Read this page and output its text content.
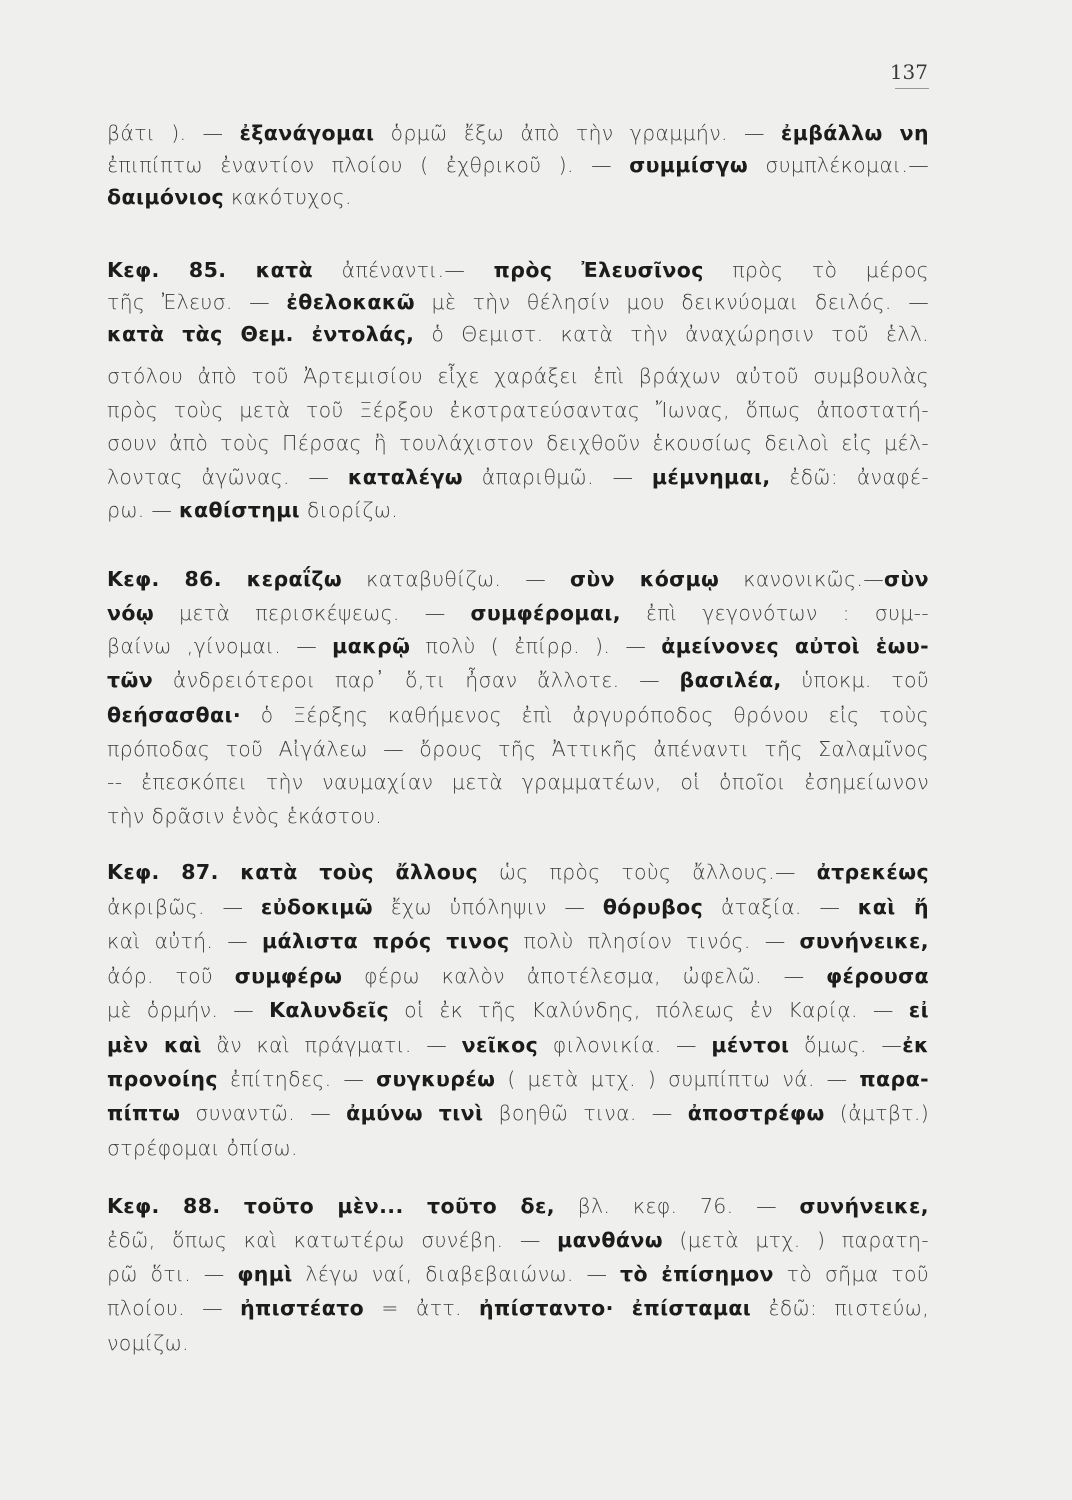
137
βάτι ). — ἐξανάγομαι ὁρμῶ ἔξω ἀπὸ τὴν γραμμήν. — ἐμβάλλω νη
ἐπιπίπτω ἐναντίον πλοίου ( ἐχθρικοῦ ). — συμμίσγω συμπλέκομαι.—
δαιμόνιος κακότυχος.
Κεφ. 85. κατὰ ἀπέναντι.— πρὸς Ἐλευσῖνος πρὸς τὸ μέρος
τῆς Ἐλευσ. — ἐθελοκακῶ μὲ τὴν θέλησίν μου δεικνύομαι δειλός. —
κατὰ τὰς Θεμ. ἐντολάς, ὁ Θεμιστ. κατὰ τὴν ἀναχώρησιν τοῦ ἑλλ.
στόλου ἀπὸ τοῦ Ἀρτεμισίου εἶχε χαράξει ἐπὶ βράχων αὐτοῦ συμβουλὰς
πρὸς τοὺς μετὰ τοῦ Ξέρξου ἐκστρατεύσαντας Ἴωνας, ὅπως ἀποστατή-
σουν ἀπὸ τοὺς Πέρσας ἢ τουλάχιστον δειχθοῦν ἑκουσίως δειλοὶ εἰς μέλ-
λοντας ἀγῶνας. — καταλέγω ἀπαριθμῶ. — μέμνημαι, ἐδῶ: ἀναφέ-
ρω. — καθίστημι διορίζω.
Κεφ. 86. κεραΐζω καταβυθίζω. — σὺν κόσμῳ κανονικῶς.—σὺν
νόῳ μετὰ περισκέψεως. — συμφέρομαι, ἐπὶ γεγονότων : συμ--
βαίνω ,γίνομαι. — μακρῷ πολὺ ( ἐπίρρ. ). — ἀμείνονες αὐτοὶ ἑωυ-
τῶν ἀνδρειότεροι παρ᾽ ὅ,τι ἦσαν ἄλλοτε. — βασιλέα, ὑποκμ. τοῦ
θεήσασθαι· ὁ Ξέρξης καθήμενος ἐπὶ ἀργυρόποδος θρόνου εἰς τοὺς
πρόποδας τοῦ Αἰγάλεω — ὄρους τῆς Ἀττικῆς ἀπέναντι τῆς Σαλαμῖνος
-- ἐπεσκόπει τὴν ναυμαχίαν μετὰ γραμματέων, οἱ ὁποῖοι ἐσημείωνον
τὴν δρᾶσιν ἑνὸς ἑκάστου.
Κεφ. 87. κατὰ τοὺς ἄλλους ὡς πρὸς τοὺς ἄλλους.— ἀτρεκέως
ἀκριβῶς. — εὐδοκιμῶ ἔχω ὑπόληψιν — θόρυβος ἀταξία. — καὶ ἤ
καὶ αὐτή. — μάλιστα πρός τινος πολὺ πλησίον τινός. — συνήνεικε,
ἀόρ. τοῦ συμφέρω φέρω καλὸν ἀποτέλεσμα, ὠφελῶ. — φέρουσα
μὲ ὁρμήν. — Καλυνδεῖς οἱ ἐκ τῆς Καλύνδης, πόλεως ἐν Καρίᾳ. — εἰ
μὲν καὶ ἂν καὶ πράγματι. — νεῖκος φιλονικία. — μέντοι ὅμως. —ἐκ
προνοίης ἐπίτηδες. — συγκυρέω ( μετὰ μτχ. ) συμπίπτω νά. — παρα-
πίπτω συναντῶ. — ἀμύνω τινὶ βοηθῶ τινα. — ἀποστρέφω (ἀμτβτ.)
στρέφομαι ὀπίσω.
Κεφ. 88. τοῦτο μὲν... τοῦτο δε, βλ. κεφ. 76. — συνήνεικε,
ἐδῶ, ὅπως καὶ κατωτέρω συνέβη. — μανθάνω (μετὰ μτχ. ) παρατη-
ρῶ ὅτι. — φημὶ λέγω ναί, διαβεβαιώνω. — τὸ ἐπίσημον τὸ σῆμα τοῦ
πλοίου. — ἠπιστέατο = ἀττ. ἠπίσταντο· ἐπίσταμαι ἐδῶ: πιστεύω,
νομίζω.
